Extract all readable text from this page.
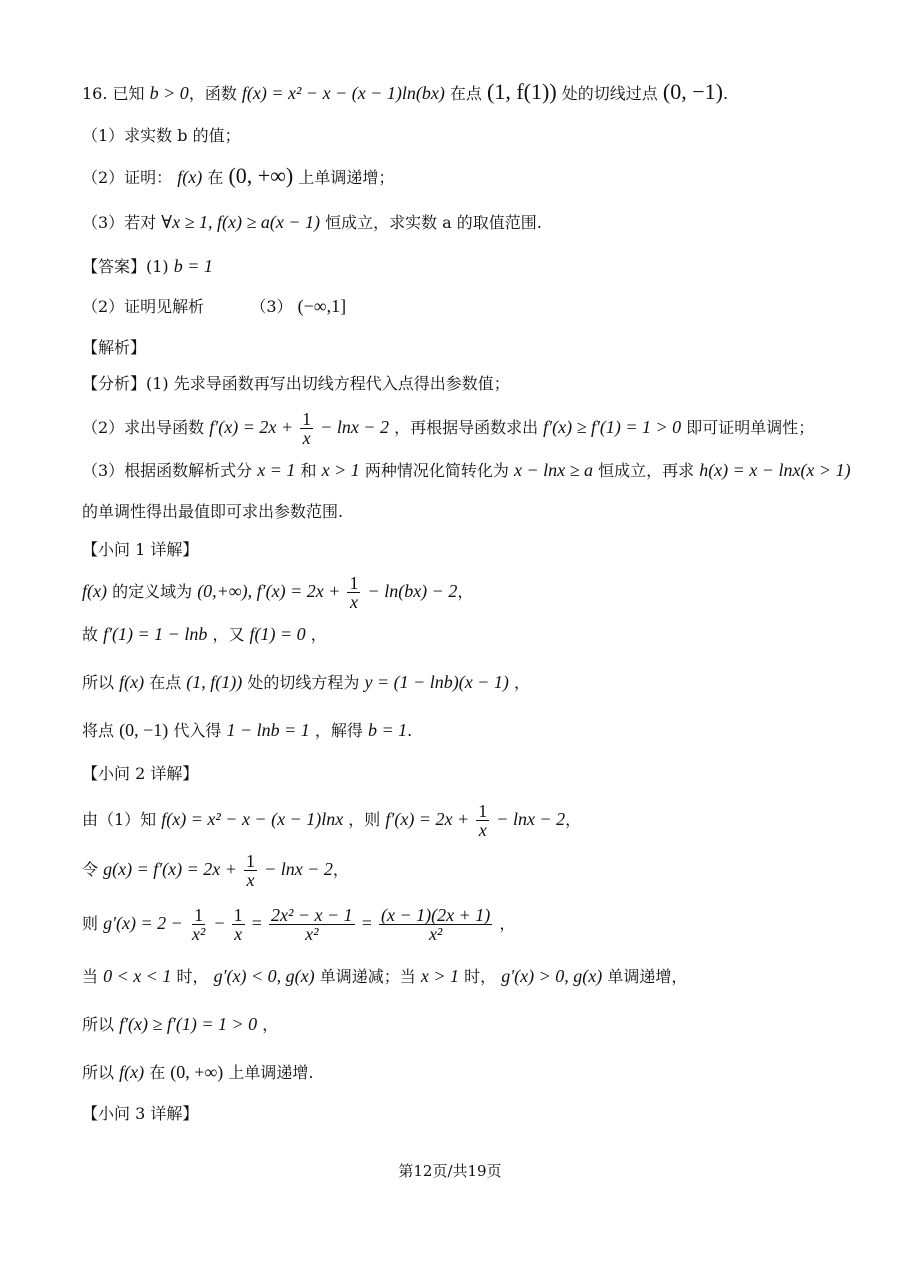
16. 已知 b > 0，函数 f(x) = x² − x − (x − 1)ln(bx) 在点 (1, f(1)) 处的切线过点 (0, −1).
（1）求实数 b 的值；
（2）证明： f(x) 在 (0, +∞) 上单调递增；
（3）若对 ∀x ≥ 1, f(x) ≥ a(x − 1) 恒成立，求实数 a 的取值范围.
【答案】(1) b = 1
（2）证明见解析	（3） (−∞,1]
【解析】
【分析】(1) 先求导函数再写出切线方程代入点得出参数值；
（2）求出导函数 $f'(x) = 2x + \frac{1}{x} - \ln x - 2$ ，再根据导函数求出 f′(x) ≥ f′(1) = 1 > 0 即可证明单调性；
（3）根据函数解析式分 x = 1 和 x > 1 两种情况化简转化为 x − lnx ≥ a 恒成立，再求 h(x) = x − lnx(x > 1)
的单调性得出最值即可求出参数范围.
【小问 1 详解】
f(x) 的定义域为 (0,+∞), $f'(x) = 2x + \frac{1}{x} - \ln(bx) - 2$，
故 f′(1) = 1 − lnb ，又 f(1) = 0 ，
所以 f(x) 在点 (1, f(1)) 处的切线方程为 y = (1 − lnb)(x − 1) ，
将点 (0, −1) 代入得 1 − lnb = 1 ，解得 b = 1.
【小问 2 详解】
由（1）知 f(x) = x² − x − (x − 1)lnx ，则 $f'(x) = 2x + \frac{1}{x} - \ln x - 2$，
令 $g(x) = f'(x) = 2x + \frac{1}{x} - \ln x - 2$，
则 $g'(x) = 2 - \frac{1}{\text{x²}} - \frac{1}{x} = \frac{\text{2x² − x − 1}}{\text{x²}} = \frac{(x - 1)(2x + 1)}{\text{x²}}$ ，
当 0 < x < 1 时， g′(x) < 0, g(x) 单调递减；当 x > 1 时， g′(x) > 0, g(x) 单调递增，
所以 f′(x) ≥ f′(1) = 1 > 0 ，
所以 f(x) 在 (0, +∞) 上单调递增.
【小问 3 详解】
第12页/共19页
